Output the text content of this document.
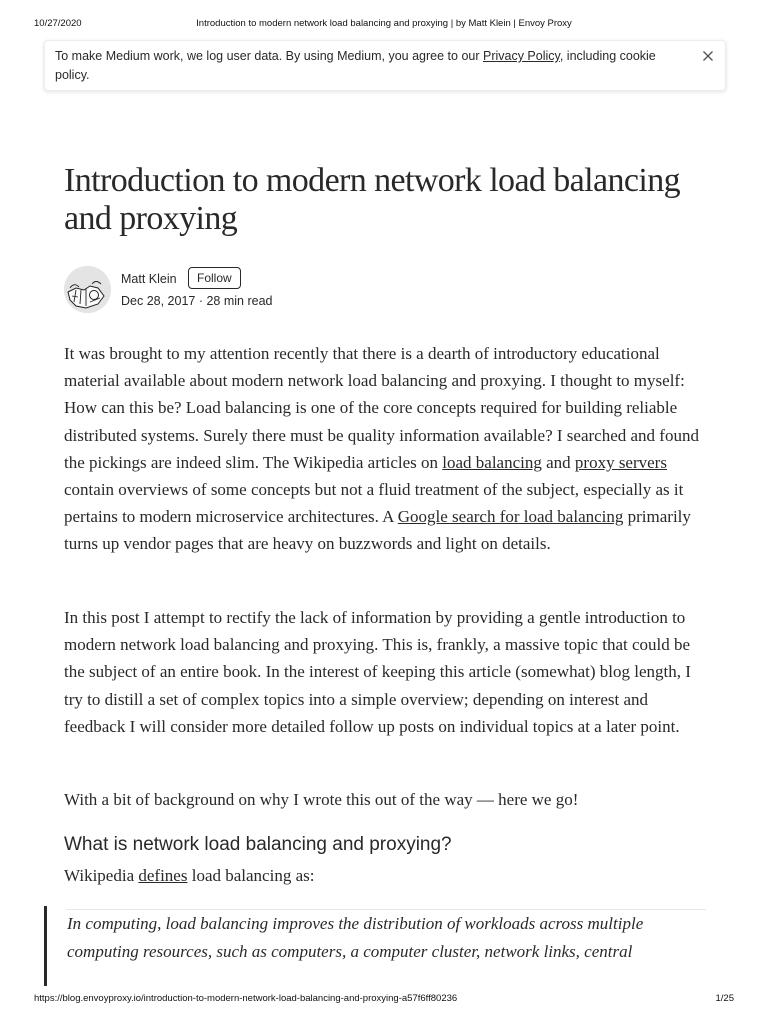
10/27/2020	Introduction to modern network load balancing and proxying | by Matt Klein | Envoy Proxy
To make Medium work, we log user data. By using Medium, you agree to our Privacy Policy, including cookie policy.
Introduction to modern network load balancing and proxying
Matt Klein	Follow
Dec 28, 2017 · 28 min read

It was brought to my attention recently that there is a dearth of introductory educational material available about modern network load balancing and proxying. I thought to myself: How can this be? Load balancing is one of the core concepts required for building reliable distributed systems. Surely there must be quality information available? I searched and found the pickings are indeed slim. The Wikipedia articles on load balancing and proxy servers contain overviews of some concepts but not a fluid treatment of the subject, especially as it pertains to modern microservice architectures. A Google search for load balancing primarily turns up vendor pages that are heavy on buzzwords and light on details.

In this post I attempt to rectify the lack of information by providing a gentle introduction to modern network load balancing and proxying. This is, frankly, a massive topic that could be the subject of an entire book. In the interest of keeping this article (somewhat) blog length, I try to distill a set of complex topics into a simple overview; depending on interest and feedback I will consider more detailed follow up posts on individual topics at a later point.

With a bit of background on why I wrote this out of the way — here we go!

What is network load balancing and proxying?

Wikipedia defines load balancing as:

In computing, load balancing improves the distribution of workloads across multiple computing resources, such as computers, a computer cluster, network links, central

https://blog.envoyproxy.io/introduction-to-modern-network-load-balancing-and-proxying-a57f6ff80236	1/25
